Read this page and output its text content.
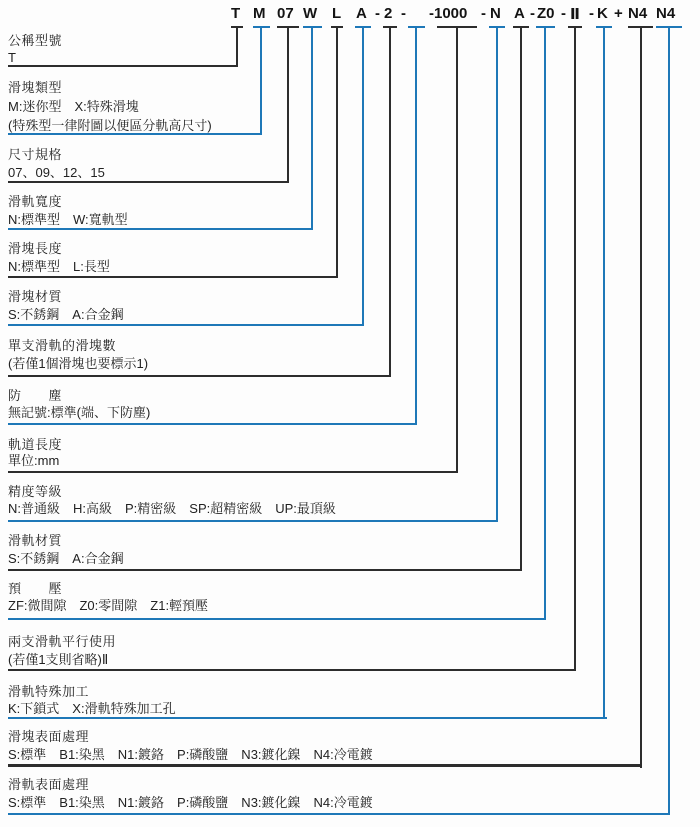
T M 07 W L A - 2 - -1000 - N A - Z0 - Ⅱ - K + N4 N4
公稱型號
T
滑塊類型
M:迷你型　X:特殊滑塊
(特殊型一律附圖以便區分軌高尺寸)
尺寸規格
07、09、12、15
滑軌寬度
N:標準型　W:寬軌型
滑塊長度
N:標準型　L:長型
滑塊材質
S:不銹鋼　A:合金鋼
單支滑軌的滑塊數
(若僅1個滑塊也要標示1)
防　　塵
無記號:標準(端、下防塵)
軌道長度
單位:mm
精度等級
N:普通級　H:高級　P:精密級　SP:超精密級　UP:最頂級
滑軌材質
S:不銹鋼　A:合金鋼
預　　壓
ZF:微間隙　Z0:零間隙　Z1:輕預壓
兩支滑軌平行使用
(若僅1支則省略)Ⅱ
滑軌特殊加工
K:下鎖式　X:滑軌特殊加工孔
滑塊表面處理
S:標準　B1:染黑　N1:鍍鉻　P:磷酸鹽　N3:鍍化鎳　N4:冷電鍍
滑軌表面處理
S:標準　B1:染黑　N1:鍍鉻　P:磷酸鹽　N3:鍍化鎳　N4:冷電鍍
